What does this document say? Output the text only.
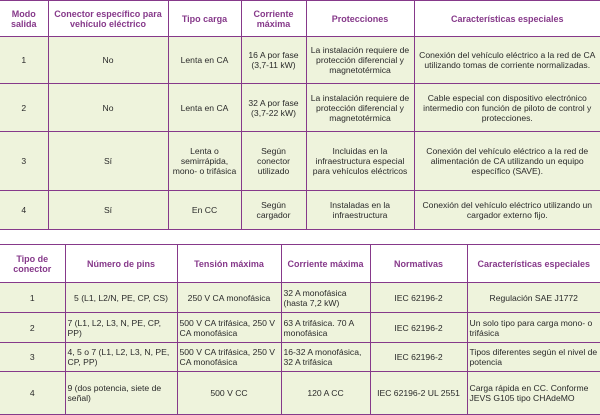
Modo salida	Conector específico para vehículo eléctrico	Tipo carga	Corriente máxima	Protecciones	Características especiales
1	No	Lenta en CA	16 A por fase (3,7-11 kW)	La instalación requiere de protección diferencial y magnetotérmica	Conexión del vehículo eléctrico a la red de CA utilizando tomas de corriente normalizadas.
2	No	Lenta en CA	32 A por fase (3,7-22 kW)	La instalación requiere de protección diferencial y magnetotérmica	Cable especial con dispositivo electrónico intermedio con función de piloto de control y protecciones.
3	Sí	Lenta o semirrápida, mono- o trifásica	Según conector utilizado	Incluidas en la infraestructura especial para vehículos eléctricos	Conexión del vehículo eléctrico a la red de alimentación de CA utilizando un equipo específico (SAVE).
4	Sí	En CC	Según cargador	Instaladas en la infraestructura	Conexión del vehículo eléctrico utilizando un cargador externo fijo.
Tipo de conector	Número de pins	Tensión máxima	Corriente máxima	Normativas	Características especiales
1	5 (L1, L2/N, PE, CP, CS)	250 V CA monofásica	32 A monofásica (hasta 7,2 kW)	IEC 62196-2	Regulación SAE J1772
2	7 (L1, L2, L3, N, PE, CP, PP)	500 V CA trifásica, 250 V CA monofásica	63 A trifásica. 70 A monofásica	IEC 62196-2	Un solo tipo para carga mono- o trifásica
3	4, 5 o 7 (L1, L2, L3, N, PE, CP, PP)	500 V CA trifásica, 250 V CA monofásica	16-32 A monofásica, 32 A trifásica	IEC 62196-2	Tipos diferentes según el nivel de potencia
4	9 (dos potencia, siete de señal)	500 V CC	120 A CC	IEC 62196-2 UL 2551	Carga rápida en CC. Conforme JEVS G105 tipo CHAdeMO
